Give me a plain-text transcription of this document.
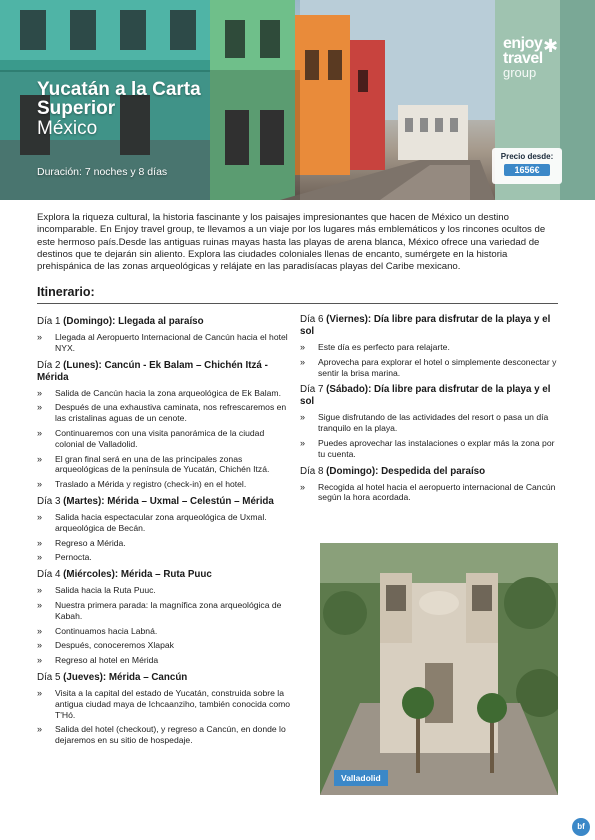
Yucatán a la Carta
Superior
México
Duración: 7 noches y 8 días
✱
enjoy
travel
group
Precio desde:
1656€

Explora la riqueza cultural, la historia fascinante y los paisajes impresionantes que hacen de México un destino incomparable. En Enjoy travel group, te llevamos a un viaje por los lugares más emblemáticos y los rincones ocultos de este hermoso país.Desde las antiguas ruinas mayas hasta las playas de arena blanca, México ofrece una variedad de destinos que te dejarán sin aliento. Explora las ciudades coloniales llenas de encanto, sumérgete en la historia prehispánica de las zonas arqueológicas y relájate en las paradisíacas playas del Caribe mexicano.

Itinerario:
Día 1 (Domingo): Llegada al paraíso
» Llegada al Aeropuerto Internacional de Cancún hacia el hotel NYX.
Día 2 (Lunes): Cancún - Ek Balam – Chichén Itzá - Mérida
» Salida de Cancún hacia la zona arqueológica de Ek Balam.
» Después de una exhaustiva caminata, nos refrescaremos en las cristalinas aguas de un cenote.
» Continuaremos con una visita panorámica de la ciudad colonial de Valladolid.
» El gran final será en una de las principales zonas arqueológicas de la península de Yucatán, Chichén Itzá.
» Traslado a Mérida y registro (check-in) en el hotel.
Día 3 (Martes): Mérida – Uxmal – Celestún – Mérida
» Salida hacia espectacular zona arqueológica de Uxmal. arqueológica de Becán.
» Regreso a Mérida.
» Pernocta.
Día 4 (Miércoles): Mérida – Ruta Puuc
» Salida hacia la Ruta Puuc.
» Nuestra primera parada: la magnífica zona arqueológica de Kabah.
» Continuamos hacia Labná.
» Después, conoceremos Xlapak
» Regreso al hotel en Mérida
Día 5 (Jueves): Mérida – Cancún
» Visita a la capital del estado de Yucatán, construida sobre la antigua ciudad maya de Ichcaanziho, también conocida como T'Hó.
» Salida del hotel (checkout), y regreso a Cancún, en donde lo dejaremos en su sitio de hospedaje.
Día 6 (Viernes): Día libre para disfrutar de la playa y el sol
» Este día es perfecto para relajarte.
» Aprovecha para explorar el hotel o simplemente desconectar y sentir la brisa marina.
Día 7 (Sábado): Día libre para disfrutar de la playa y el sol
» Sigue disfrutando de las actividades del resort o pasa un día tranquilo en la playa.
» Puedes aprovechar las instalaciones o explar más la zona por tu cuenta.
Día 8 (Domingo): Despedida del paraíso
» Recogida al hotel hacia el aeropuerto internacional de Cancún según la hora acordada.
Valladolid
bf
